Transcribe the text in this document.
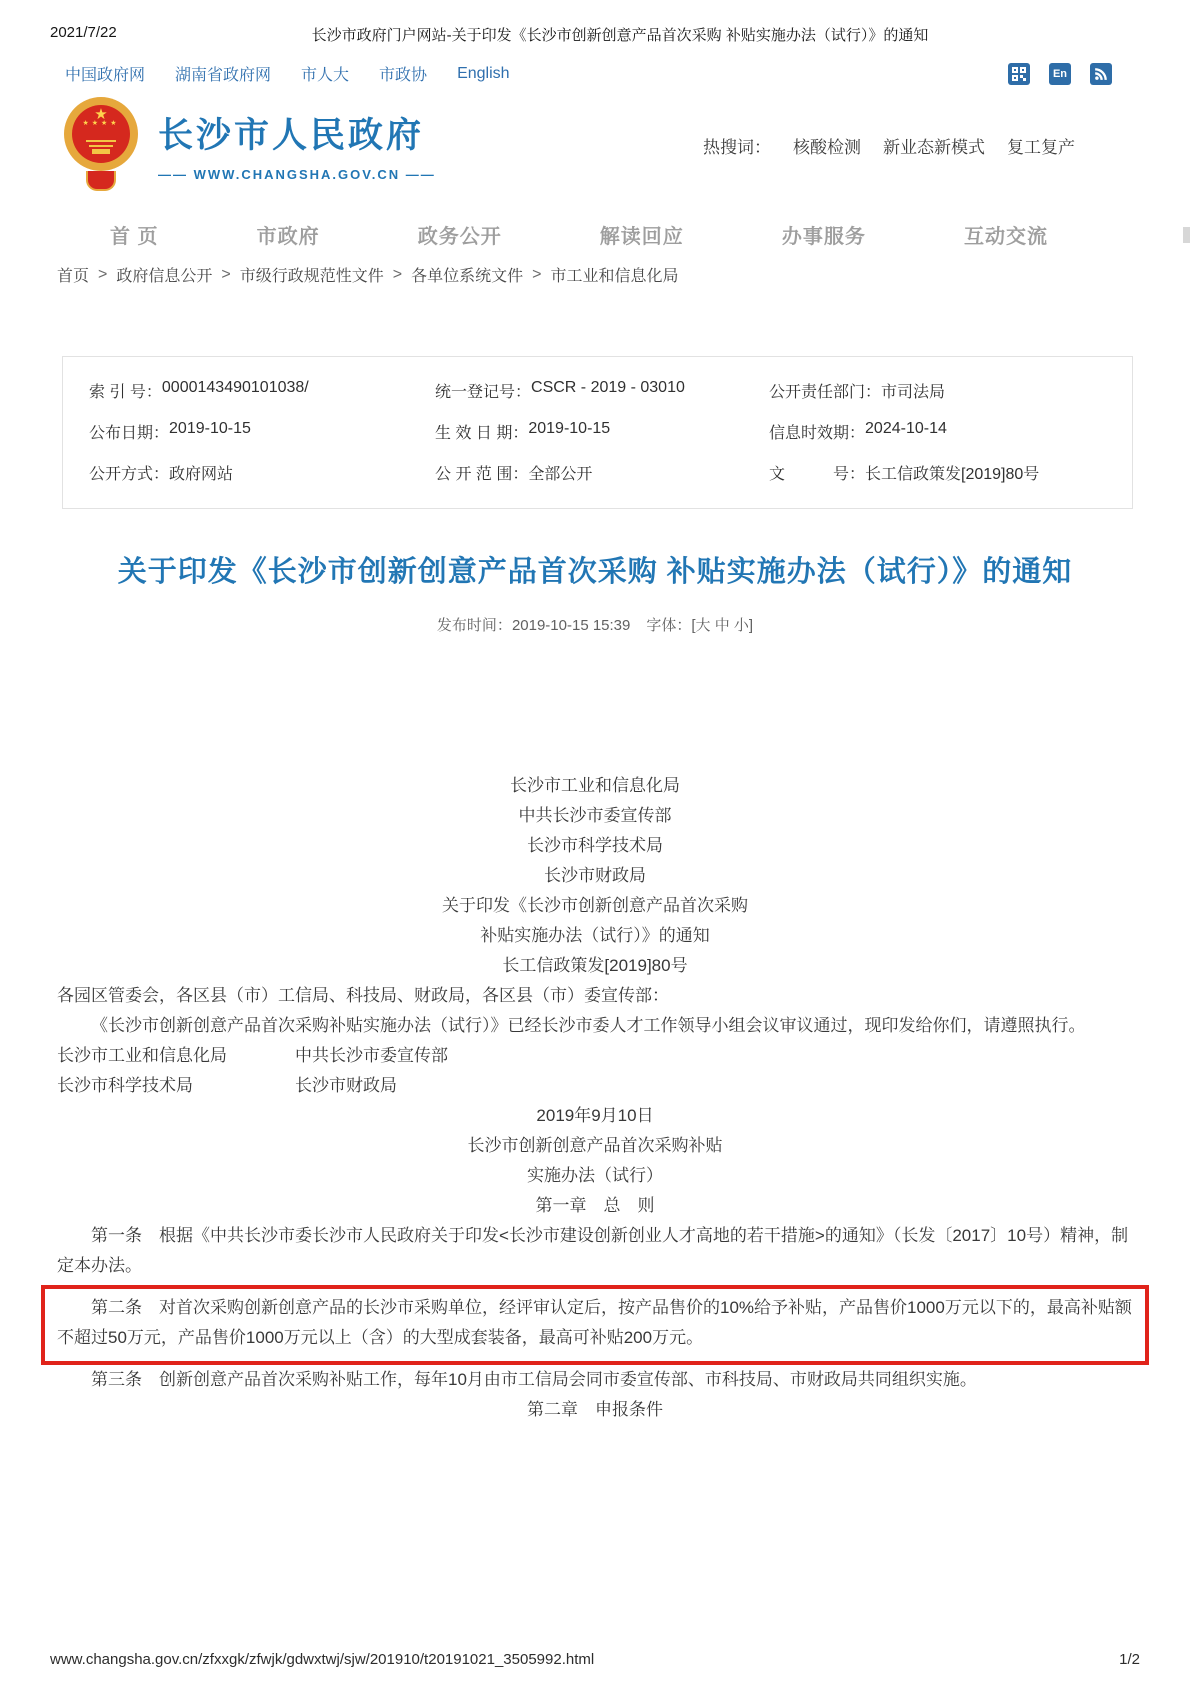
2021/7/22	长沙市政府门户网站-关于印发《长沙市创新创意产品首次采购 补贴实施办法（试行）》的通知
中国政府网 湖南省政府网 市人大 市政协 English	En
★
★★★★ 长沙市人民政府
—— WWW.CHANGSHA.GOV.CN ——
热搜词： 核酸检测 新业态新模式 复工复产
首 页	市政府	政务公开	解读回应	办事服务	互动交流
首页 > 政府信息公开 > 市级行政规范性文件 > 各单位系统文件 > 市工业和信息化局
索 引 号： 0000143490101038/	统一登记号： CSCR - 2019 - 03010	公开责任部门： 市司法局
公布日期： 2019-10-15	生 效 日 期： 2019-10-15	信息时效期： 2024-10-14
公开方式： 政府网站	公 开 范 围： 全部公开	文　　　号： 长工信政策发[2019]80号
关于印发《长沙市创新创意产品首次采购 补贴实施办法（试行）》的通知
发布时间：2019-10-15 15:39 字体：[大 中 小]

长沙市工业和信息化局

中共长沙市委宣传部

长沙市科学技术局

长沙市财政局

关于印发《长沙市创新创意产品首次采购

补贴实施办法（试行）》的通知

长工信政策发[2019]80号

各园区管委会，各区县（市）工信局、科技局、财政局，各区县（市）委宣传部：

《长沙市创新创意产品首次采购补贴实施办法（试行）》已经长沙市委人才工作领导小组会议审议通过，现印发给你们，请遵照执行。

长沙市工业和信息化局　　　　中共长沙市委宣传部

长沙市科学技术局　　　　　　长沙市财政局

2019年9月10日

长沙市创新创意产品首次采购补贴

实施办法（试行）

第一章　总　则

第一条　根据《中共长沙市委长沙市人民政府关于印发<长沙市建设创新创业人才高地的若干措施>的通知》（长发〔2017〕10号）精神，制定本办法。

第二条　对首次采购创新创意产品的长沙市采购单位，经评审认定后，按产品售价的10%给予补贴，产品售价1000万元以下的，最高补贴额不超过50万元，产品售价1000万元以上（含）的大型成套装备，最高可补贴200万元。

第三条　创新创意产品首次采购补贴工作，每年10月由市工信局会同市委宣传部、市科技局、市财政局共同组织实施。

第二章　申报条件

www.changsha.gov.cn/zfxxgk/zfwjk/gdwxtwj/sjw/201910/t20191021_3505992.html	1/2
